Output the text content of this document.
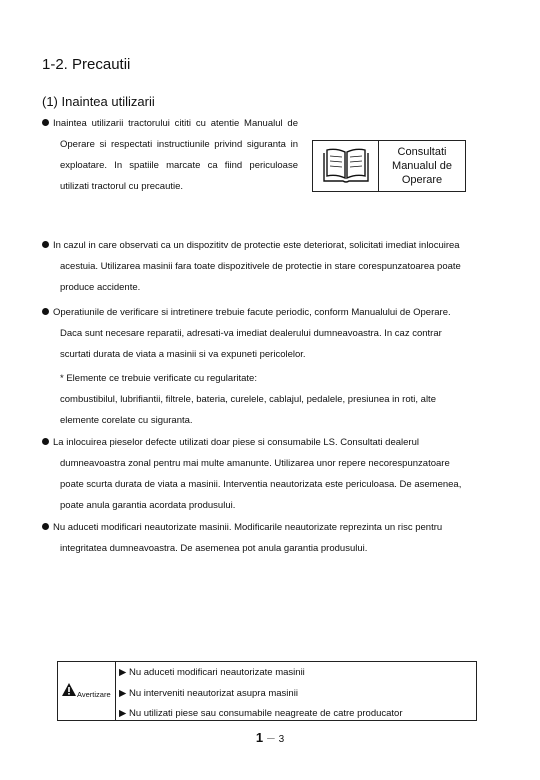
1-2. Precautii
(1) Inaintea utilizarii
Inaintea utilizarii tractorului cititi cu atentie Manualul de
Operare si respectati instructiunile privind siguranta in
exploatare. In spatiile marcate ca fiind periculoase
utilizati tractorul cu precautie.
Consultati
Manualul de
Operare
In cazul in care observati ca un dispozititv de protectie este deteriorat, solicitati imediat inlocuirea
acestuia. Utilizarea masinii fara toate dispozitivele de protectie in stare corespunzatoarea poate
produce accidente.
Operatiunile de verificare si intretinere trebuie facute periodic, conform Manualului de Operare.
Daca sunt necesare reparatii, adresati-va imediat dealerului dumneavoastra. In caz contrar
scurtati durata de viata a masinii si va expuneti pericolelor.
* Elemente ce trebuie verificate cu regularitate:
combustibilul, lubrifiantii, filtrele, bateria, curelele, cablajul, pedalele, presiunea in roti, alte
elemente corelate cu siguranta.
La inlocuirea pieselor defecte utilizati doar piese si consumabile LS. Consultati dealerul
dumneavoastra zonal pentru mai multe amanunte. Utilizarea unor repere necorespunzatoare
poate scurta durata de viata a masinii. Interventia neautorizata este periculoasa. De asemenea,
poate anula garantia acordata produsului.
Nu aduceti modificari neautorizate masinii. Modificarile neautorizate reprezinta un risc pentru
integritatea dumneavoastra. De asemenea pot anula garantia produsului.
Avertizare
▶ Nu aduceti modificari neautorizate masinii
▶ Nu interveniti neautorizat asupra masinii
▶ Nu utilizati piese sau consumabile neagreate de catre producator
1 － 3
